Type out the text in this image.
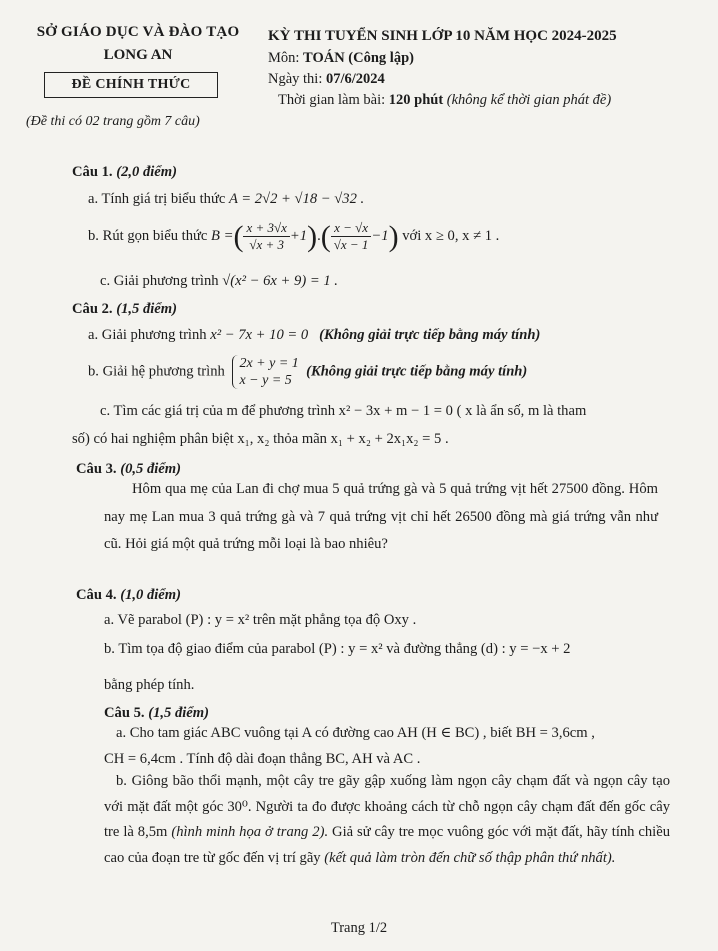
SỞ GIÁO DỤC VÀ ĐÀO TẠO
LONG AN
ĐỀ CHÍNH THỨC
KỲ THI TUYỂN SINH LỚP 10 NĂM HỌC 2024-2025
Môn: TOÁN (Công lập)
Ngày thi: 07/6/2024
Thời gian làm bài: 120 phút (không kể thời gian phát đề)
(Đề thi có 02 trang gồm 7 câu)
Câu 1. (2,0 điểm)
a. Tính giá trị biểu thức A = 2√2 + √18 − √32 .
b. Rút gọn biểu thức B =( $\frac{x + 3√x}{√x + 3} +1).( \frac{x - √x}{√x - 1} -1)$ với x ≥ 0, x ≠ 1 .
c. Giải phương trình √(x² − 6x + 9) = 1 .
Câu 2. (1,5 điểm)
a. Giải phương trình x² − 7x + 10 = 0 (Không giải trực tiếp bằng máy tính)
b. Giải hệ phương trình 2x + y = 1
x − y = 5
(Không giải trực tiếp bằng máy tính)
c. Tìm các giá trị của m để phương trình x² − 3x + m − 1 = 0 ( x là ẩn số, m là tham
số) có hai nghiệm phân biệt x₁, x₂ thỏa mãn x₁ + x₂ + 2x₁x₂ = 5 .
Câu 3. (0,5 điểm)
Hôm qua mẹ của Lan đi chợ mua 5 quả trứng gà và 5 quả trứng vịt hết 27500 đồng. Hôm nay mẹ Lan mua 3 quả trứng gà và 7 quả trứng vịt chỉ hết 26500 đồng mà giá trứng vẫn như cũ. Hỏi giá một quả trứng mỗi loại là bao nhiêu?
Câu 4. (1,0 điểm)
a. Vẽ parabol (P) : y = x² trên mặt phẳng tọa độ Oxy .
b. Tìm tọa độ giao điểm của parabol (P) : y = x² và đường thẳng (d) : y = −x + 2
bằng phép tính.
Câu 5. (1,5 điểm)
a. Cho tam giác ABC vuông tại A có đường cao AH (H ∈ BC) , biết BH = 3,6cm ,
CH = 6,4cm . Tính độ dài đoạn thẳng BC, AH và AC .
b. Giông bão thổi mạnh, một cây tre gãy gập xuống làm ngọn cây chạm đất và ngọn cây tạo với mặt đất một góc 30⁰. Người ta đo được khoảng cách từ chỗ ngọn cây chạm đất đến gốc cây tre là 8,5m (hình minh họa ở trang 2). Giả sử cây tre mọc vuông góc với mặt đất, hãy tính chiều cao của đoạn tre từ gốc đến vị trí gãy (kết quả làm tròn đến chữ số thập phân thứ nhất).
Trang 1/2
